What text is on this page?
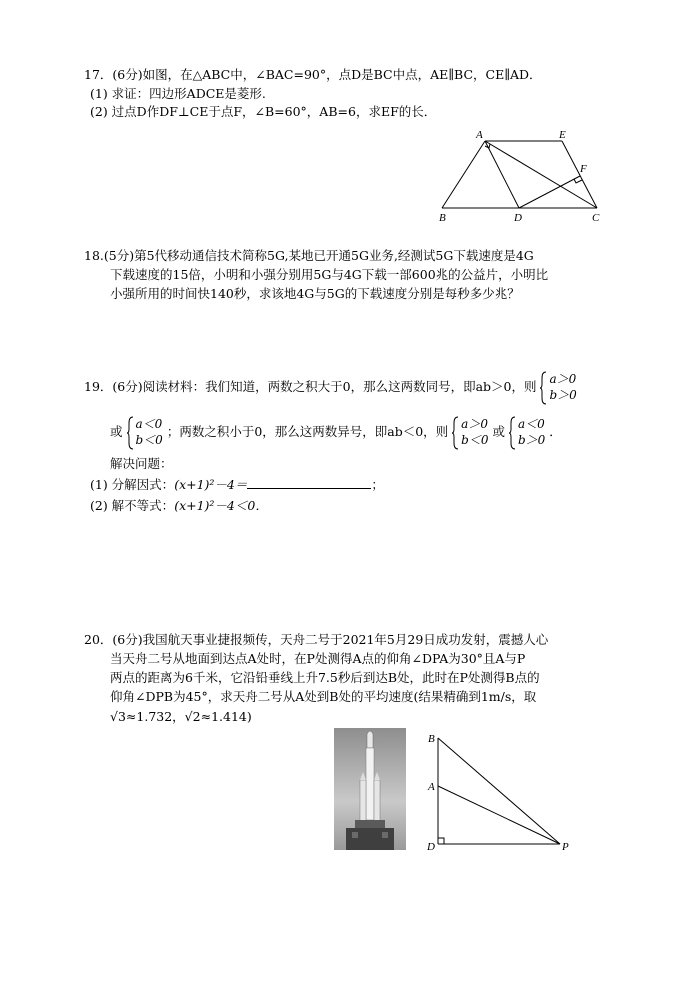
17．(6分)如图，在△ABC中，∠BAC=90°，点D是BC中点，AE∥BC，CE∥AD．
(1) 求证：四边形ADCE是菱形.
(2) 过点D作DF⊥CE于点F，∠B=60°，AB=6，求EF的长．
A	E
F
B	D	C
18.(5分)第5代移动通信技术简称5G,某地已开通5G业务,经测试5G下载速度是4G
下载速度的15倍，小明和小强分别用5G与4G下载一部600兆的公益片，小明比
小强所用的时间快140秒，求该地4G与5G的下载速度分别是每秒多少兆？
19．(6分)阅读材料：我们知道，两数之积大于0，那么这两数同号，即ab＞0，则
a＞0
b＞0
或
a＜0
b＜0
；两数之积小于0，那么这两数异号，即ab＜0，则
a＞0
b＜0
或
a＜0
b＞0
．
解决问题：
(1) 分解因式：(x+1)²－4＝	；
(2) 解不等式：(x+1)²－4＜0．
20．(6分)我国航天事业捷报频传，天舟二号于2021年5月29日成功发射，震撼人心
当天舟二号从地面到达点A处时，在P处测得A点的仰角∠DPA为30°且A与P
两点的距离为6千米，它沿铅垂线上升7.5秒后到达B处，此时在P处测得B点的
仰角∠DPB为45°，求天舟二号从A处到B处的平均速度(结果精确到1m/s，取
√3≈1.732，√2≈1.414)
B
A
D	P
